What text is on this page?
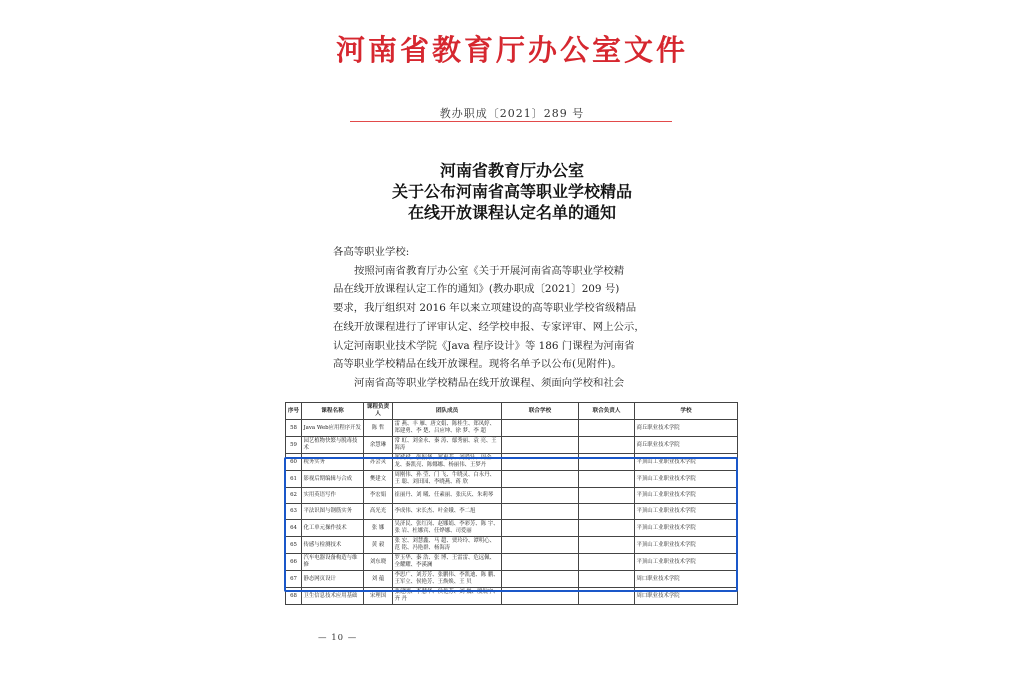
河南省教育厅办公室文件
教办职成〔2021〕289 号
河南省教育厅办公室
关于公布河南省高等职业学校精品
在线开放课程认定名单的通知
各高等职业学校:
按照河南省教育厅办公室《关于开展河南省高等职业学校精
品在线开放课程认定工作的通知》(教办职成〔2021〕209 号)
要求，我厅组织对 2016 年以来立项建设的高等职业学校省级精品
在线开放课程进行了评审认定、经学校申报、专家评审、网上公示，
认定河南职业技术学院《Java 程序设计》等 186 门课程为河南省
高等职业学校精品在线开放课程。现将名单予以公布(见附件)。
河南省高等职业学校精品在线开放课程、须面向学校和社会
序号	课程名称	课程负责人	团队成员	联合学校	联合负责人	学校
58	Java Web应用程序开发	陈 哲	雷 燕、丰 雁、唐文娟、陈桂生、郑凤婷、郑建勇、李 楚、吕应坤、徐 梦、李 超			商丘职业技术学院
59	园艺植物快繁与脱毒技术	余慧琳	常 虹、刘金永、秦 涛、鄢秀丽、袁 亮、王海涛			商丘职业技术学院
60	税务实务	苏会灵	郑斌斌、张振华、郑惠芳、刘爱针、周金龙、秦凯亮、陈娜娜、杨丽伟、王梦丹			平顶山工业职业技术学院
61	影视后期编辑与合成	樊建文	周刚伟、孙 莹、门 飞、牛晓灵、白永丹、王 聪、刘田园、李晓燕、蒋 欣			平顶山工业职业技术学院
62	实用英语写作	李宏娟	崔丽丹、刘 曦、任素丽、张庆庆、朱莉琴			平顶山工业职业技术学院
63	平法识图与钢筋实务	高光光	李成伟、宋长杰、叶金娥、李二旭			平顶山工业职业技术学院
64	化工单元操作技术	张 娜	吴济民、张红岗、赵娜娟、李彩芳、陈 宇、张 岩、杜娜宾、任烨娜、司爱丽			平顶山工业职业技术学院
65	传感与检测技术	黄 毅	张 宏、刘慧鑫、马 超、贾玲玲、谭明心、范 铭、冯艳群、杨海涛			平顶山工业职业技术学院
66	汽车电器设备构造与维修	刘东晓	罗玉华、秦 浩、张 博、王雷雷、危远佩、全耀耀、李溪澜			平顶山工业职业技术学院
67	静态网页设计	刘 蕴	李思广、刘芳芳、张鹏伟、李凯迪、陈 鹏、王军立、侯艳芳、王焕焕、王 贝			周口职业技术学院
68	卫生信息技术应用基础	宋理国	张建刚、李慧华、侯艳芳、刘 巍、殷航宇、齐 丹			周口职业技术学院
— 10 —
